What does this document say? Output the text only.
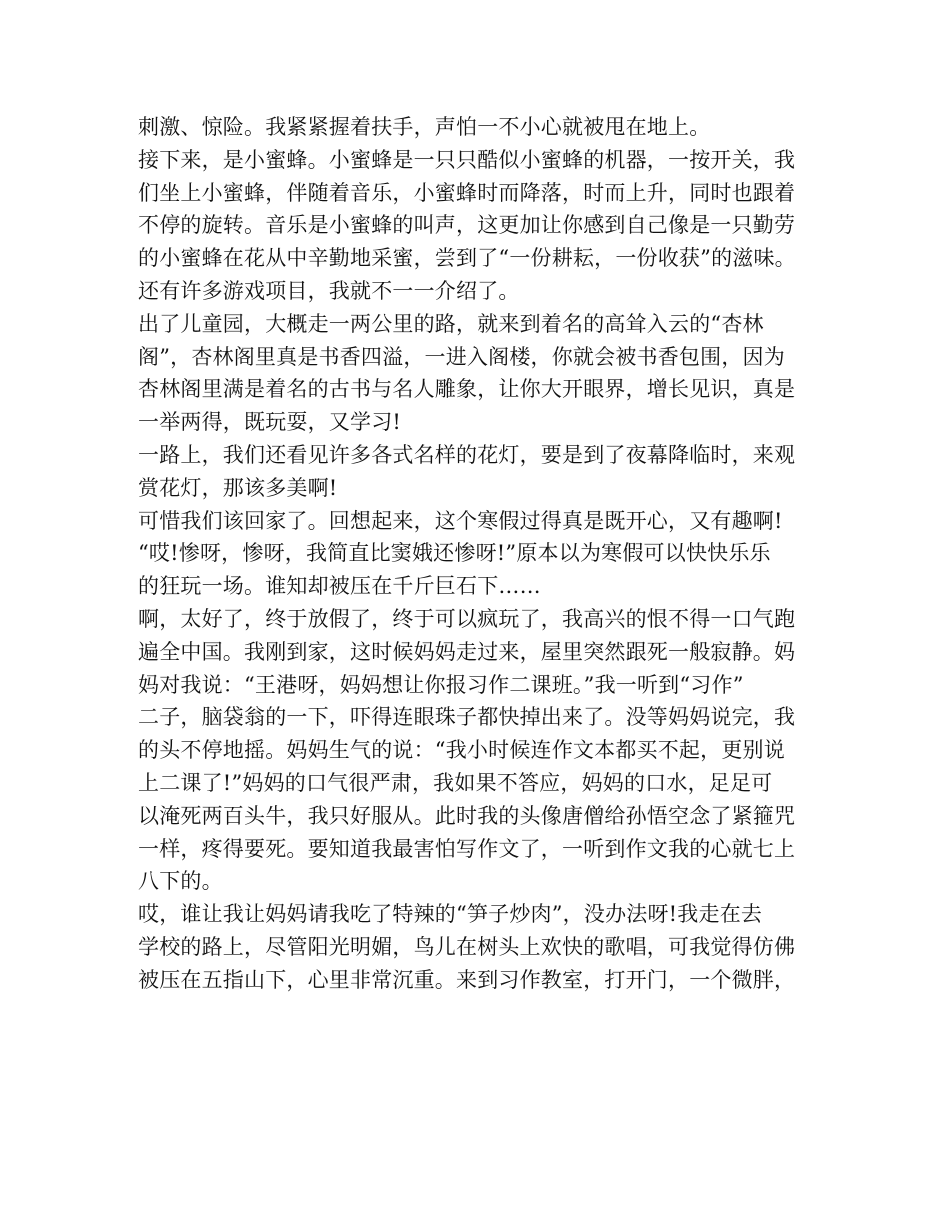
刺激、惊险。我紧紧握着扶手，声怕一不小心就被甩在地上。
接下来，是小蜜蜂。小蜜蜂是一只只酷似小蜜蜂的机器，一按开关，我
们坐上小蜜蜂，伴随着音乐，小蜜蜂时而降落，时而上升，同时也跟着
不停的旋转。音乐是小蜜蜂的叫声，这更加让你感到自己像是一只勤劳
的小蜜蜂在花从中辛勤地采蜜，尝到了“一份耕耘，一份收获”的滋味。
还有许多游戏项目，我就不一一介绍了。
出了儿童园，大概走一两公里的路，就来到着名的高耸入云的“杏林
阁”，杏林阁里真是书香四溢，一进入阁楼，你就会被书香包围，因为
杏林阁里满是着名的古书与名人雕象，让你大开眼界，增长见识，真是
一举两得，既玩耍，又学习!
一路上，我们还看见许多各式名样的花灯，要是到了夜幕降临时，来观
赏花灯，那该多美啊!
可惜我们该回家了。回想起来，这个寒假过得真是既开心，又有趣啊!
“哎!惨呀，惨呀，我简直比窦娥还惨呀!”原本以为寒假可以快快乐乐
的狂玩一场。谁知却被压在千斤巨石下……
啊，太好了，终于放假了，终于可以疯玩了，我高兴的恨不得一口气跑
遍全中国。我刚到家，这时候妈妈走过来，屋里突然跟死一般寂静。妈
妈对我说：“王港呀，妈妈想让你报习作二课班。”我一听到“习作”
二子，脑袋翁的一下，吓得连眼珠子都快掉出来了。没等妈妈说完，我
的头不停地摇。妈妈生气的说：“我小时候连作文本都买不起，更别说
上二课了!”妈妈的口气很严肃，我如果不答应，妈妈的口水，足足可
以淹死两百头牛，我只好服从。此时我的头像唐僧给孙悟空念了紧箍咒
一样，疼得要死。要知道我最害怕写作文了，一听到作文我的心就七上
八下的。
哎，谁让我让妈妈请我吃了特辣的“笋子炒肉”，没办法呀!我走在去
学校的路上，尽管阳光明媚，鸟儿在树头上欢快的歌唱，可我觉得仿佛
被压在五指山下，心里非常沉重。来到习作教室，打开门，一个微胖，
